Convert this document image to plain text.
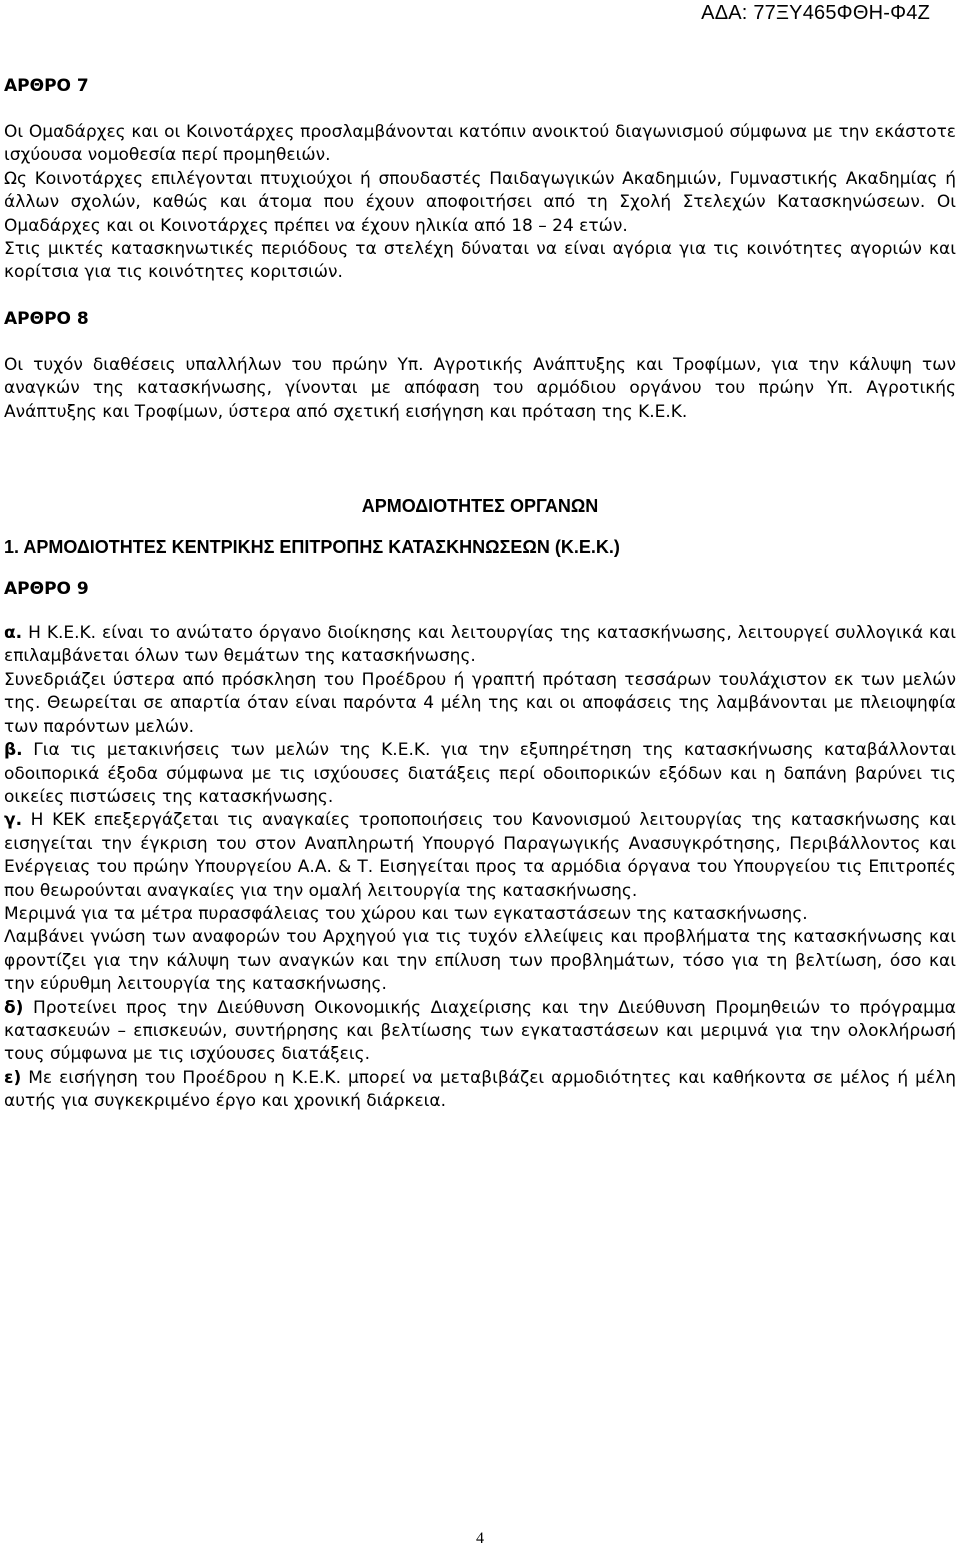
ΑΔΑ: 77ΞΥ465ΦΘΗ-Φ4Ζ
ΑΡΘΡΟ 7

Οι Ομαδάρχες και οι Κοινοτάρχες προσλαμβάνονται κατόπιν ανοικτού διαγωνισμού σύμφωνα με την εκάστοτε ισχύουσα νομοθεσία περί προμηθειών.

Ως Κοινοτάρχες επιλέγονται πτυχιούχοι ή σπουδαστές Παιδαγωγικών Ακαδημιών, Γυμναστικής Ακαδημίας ή άλλων σχολών, καθώς και άτομα που έχουν αποφοιτήσει από τη Σχολή Στελεχών Κατασκηνώσεων. Οι Ομαδάρχες και οι Κοινοτάρχες πρέπει να έχουν ηλικία από 18 – 24 ετών.

Στις μικτές κατασκηνωτικές περιόδους τα στελέχη δύναται να είναι αγόρια για τις κοινότητες αγοριών και κορίτσια για τις κοινότητες κοριτσιών.

ΑΡΘΡΟ 8

Οι τυχόν διαθέσεις υπαλλήλων του πρώην Υπ. Αγροτικής Ανάπτυξης και Τροφίμων, για την κάλυψη των αναγκών της κατασκήνωσης, γίνονται με απόφαση του αρμόδιου οργάνου του πρώην Υπ. Αγροτικής Ανάπτυξης και Τροφίμων, ύστερα από σχετική εισήγηση και πρόταση της Κ.Ε.Κ.

ΑΡΜΟΔΙΟΤΗΤΕΣ ΟΡΓΑΝΩΝ
1. ΑΡΜΟΔΙΟΤΗΤΕΣ ΚΕΝΤΡΙΚΗΣ ΕΠΙΤΡΟΠΗΣ ΚΑΤΑΣΚΗΝΩΣΕΩΝ (Κ.Ε.Κ.)
ΑΡΘΡΟ 9

α. Η Κ.Ε.Κ. είναι το ανώτατο όργανο διοίκησης και λειτουργίας της κατασκήνωσης, λειτουργεί συλλογικά και επιλαμβάνεται όλων των θεμάτων της κατασκήνωσης.

Συνεδριάζει ύστερα από πρόσκληση του Προέδρου ή γραπτή πρόταση τεσσάρων τουλάχιστον εκ των μελών της. Θεωρείται σε απαρτία όταν είναι παρόντα 4 μέλη της και οι αποφάσεις της λαμβάνονται με πλειοψηφία των παρόντων μελών.

β. Για τις μετακινήσεις των μελών της Κ.Ε.Κ. για την εξυπηρέτηση της κατασκήνωσης καταβάλλονται οδοιπορικά έξοδα σύμφωνα με τις ισχύουσες διατάξεις περί οδοιπορικών εξόδων και η δαπάνη βαρύνει τις οικείες πιστώσεις της κατασκήνωσης.

γ. Η ΚΕΚ επεξεργάζεται τις αναγκαίες τροποποιήσεις του Κανονισμού λειτουργίας της κατασκήνωσης και εισηγείται την έγκριση του στον Αναπληρωτή Υπουργό Παραγωγικής Ανασυγκρότησης, Περιβάλλοντος και Ενέργειας του πρώην Υπουργείου Α.Α. & Τ. Εισηγείται προς τα αρμόδια όργανα του Υπουργείου τις Επιτροπές που θεωρούνται αναγκαίες για την ομαλή λειτουργία της κατασκήνωσης.

Μεριμνά για τα μέτρα πυρασφάλειας του χώρου και των εγκαταστάσεων της κατασκήνωσης.

Λαμβάνει γνώση των αναφορών του Αρχηγού για τις τυχόν ελλείψεις και προβλήματα της κατασκήνωσης και φροντίζει για την κάλυψη των αναγκών και την επίλυση των προβλημάτων, τόσο για τη βελτίωση, όσο και την εύρυθμη λειτουργία της κατασκήνωσης.

δ) Προτείνει προς την Διεύθυνση Οικονομικής Διαχείρισης και την Διεύθυνση Προμηθειών το πρόγραμμα κατασκευών – επισκευών, συντήρησης και βελτίωσης των εγκαταστάσεων και μεριμνά για την ολοκλήρωσή τους σύμφωνα με τις ισχύουσες διατάξεις.

ε) Με εισήγηση του Προέδρου η Κ.Ε.Κ. μπορεί να μεταβιβάζει αρμοδιότητες και καθήκοντα σε μέλος ή μέλη αυτής για συγκεκριμένο έργο και χρονική διάρκεια.

4
